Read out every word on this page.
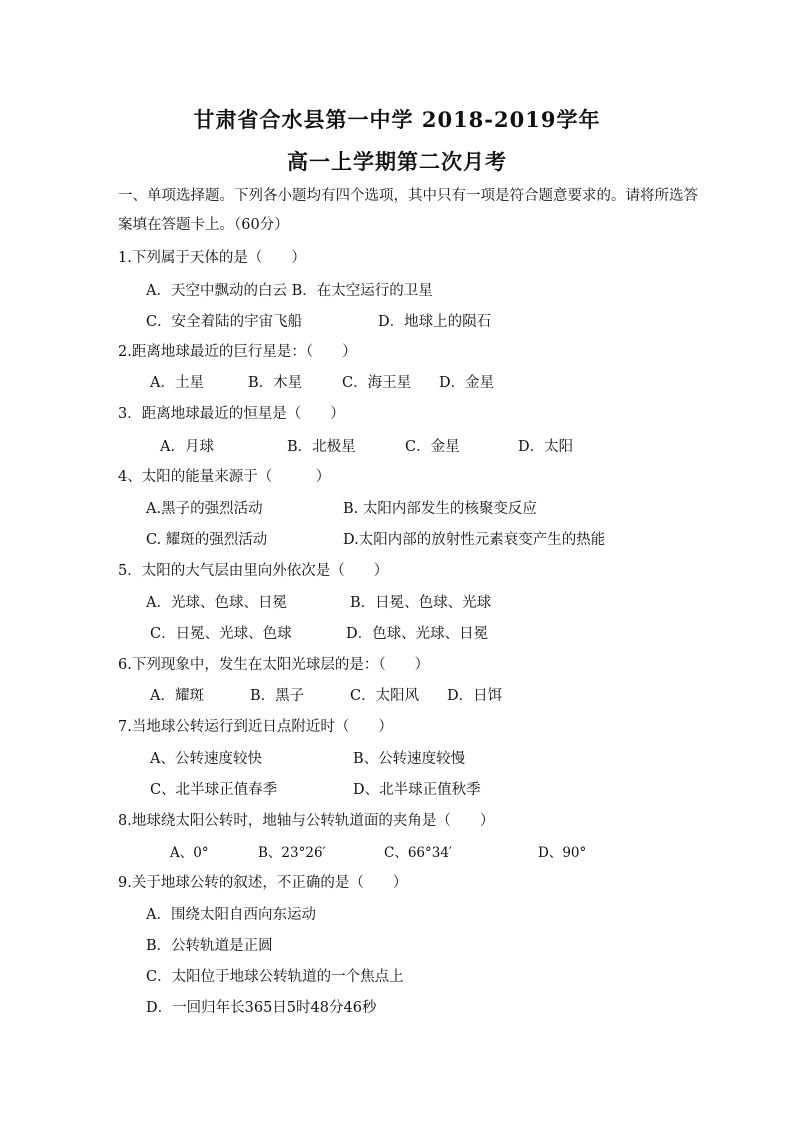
甘肃省合水县第一中学 2018-2019学年
高一上学期第二次月考
一、单项选择题。下列各小题均有四个选项，其中只有一项是符合题意要求的。请将所选答
案填在答题卡上。（60分）
1.下列属于天体的是（　　）
A．天空中飘动的白云 B．在太空运行的卫星
C．安全着陆的宇宙飞船	D．地球上的陨石
2.距离地球最近的巨行星是：（　　）
A．土星	B．木星	C．海王星 D．金星
3．距离地球最近的恒星是（　　）
A．月球	B．北极星	C．金星	D．太阳
4、太阳的能量来源于（　　　）
A.黑子的强烈活动	B. 太阳内部发生的核聚变反应
C. 耀斑的强烈活动	D.太阳内部的放射性元素衰变产生的热能
5．太阳的大气层由里向外依次是（　　）
A．光球、色球、日冕	B．日冕、色球、光球
C．日冕、光球、色球	D．色球、光球、日冕
6.下列现象中，发生在太阳光球层的是：（　　）
A．耀斑	B．黑子	C．太阳风 D．日饵
7.当地球公转运行到近日点附近时（　　）
A、公转速度较快	B、公转速度较慢
C、北半球正值春季	D、北半球正值秋季
8.地球绕太阳公转时，地轴与公转轨道面的夹角是（　　）
A、0°	B、23°26′	C、66°34′	D、90°
9.关于地球公转的叙述，不正确的是（　　）
A．围绕太阳自西向东运动
B．公转轨道是正圆
C．太阳位于地球公转轨道的一个焦点上
D．一回归年长365日5时48分46秒
